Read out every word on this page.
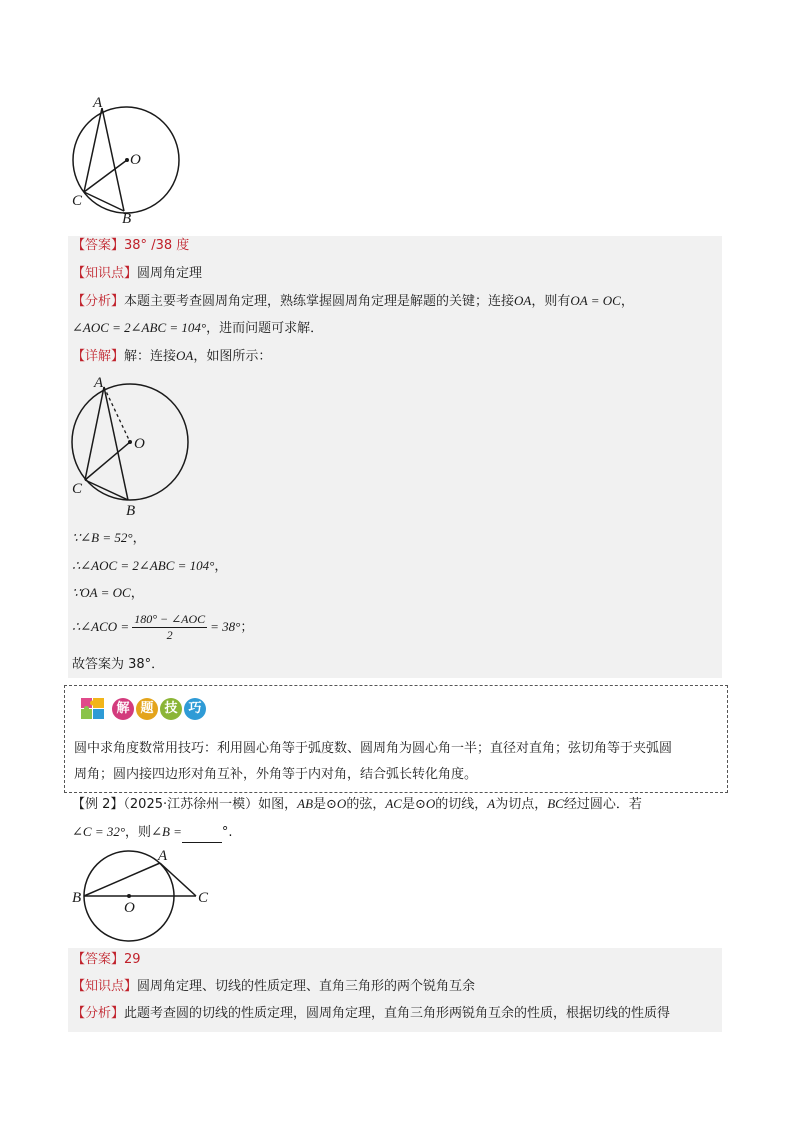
A
O
C
B
【答案】38° /38 度
【知识点】圆周角定理
【分析】本题主要考查圆周角定理，熟练掌握圆周角定理是解题的关键；连接OA，则有OA = OC，
∠AOC = 2∠ABC = 104°，进而问题可求解．
【详解】解：连接OA，如图所示：
A
O
C
B
∵∠B = 52°，
∴∠AOC = 2∠ABC = 104°，
∵OA = OC，
∴∠ACO = $\frac{\text{180° − ∠AOC}}{2} = 38^\circ$；
故答案为 38°．
解 题 技 巧
圆中求角度数常用技巧：利用圆心角等于弧度数、圆周角为圆心角一半；直径对直角；弦切角等于夹弧圆
周角；圆内接四边形对角互补，外角等于内对角，结合弧长转化角度。
【例 2】（2025·江苏徐州一模）如图，AB是⊙O的弦，AC是⊙O的切线，A为切点，BC经过圆心．若
∠C = 32°，则∠B =	°.
A
B
O
C
【答案】29
【知识点】圆周角定理、切线的性质定理、直角三角形的两个锐角互余
【分析】此题考查圆的切线的性质定理，圆周角定理，直角三角形两锐角互余的性质，根据切线的性质得
